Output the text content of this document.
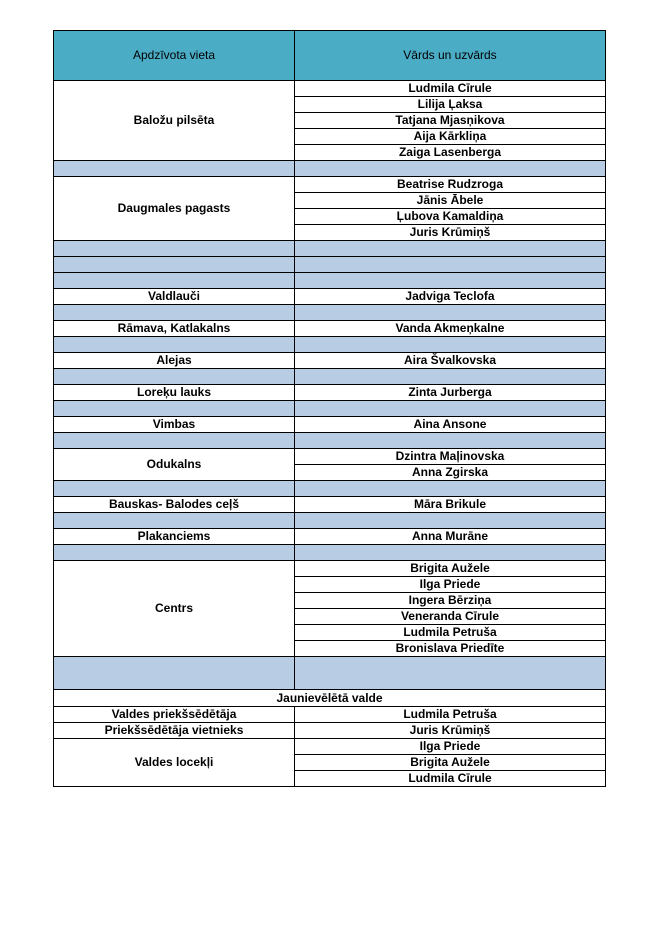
Apdzīvota vieta	Vārds un uzvārds
Baložu pilsēta	Ludmila Cīrule
	Lilija Ļaksa
	Tatjana Mjasņikova
	Aija Kārkliņa
	Zaiga Lasenberga

Daugmales pagasts	Beatrise Rudzroga
	Jānis Ābele
	Ļubova Kamaldiņa
	Juris Krūmiņš

Valdlauči	Jadviga Teclofa

Rāmava, Katlakalns	Vanda Akmeņkalne

Alejas	Aira Švalkovska

Loreķu lauks	Zinta Jurberga

Vimbas	Aina Ansone

Odukalns	Dzintra Maļinovska
	Anna Zgirska

Bauskas- Balodes ceļš	Māra Brikule

Plakanciems	Anna Murāne

Centrs	Brigita Aužele
	Ilga Priede
	Ingera Bērziņa
	Veneranda Cīrule
	Ludmila Petruša
	Bronislava Priedīte

Jaunievēlētā valde	
Valdes priekšsēdētāja	Ludmila Petruša
Priekšsēdētāja vietnieks	Juris Krūmiņš
Valdes locekļi	Ilga Priede
	Brigita Aužele
	Ludmila Cīrule
